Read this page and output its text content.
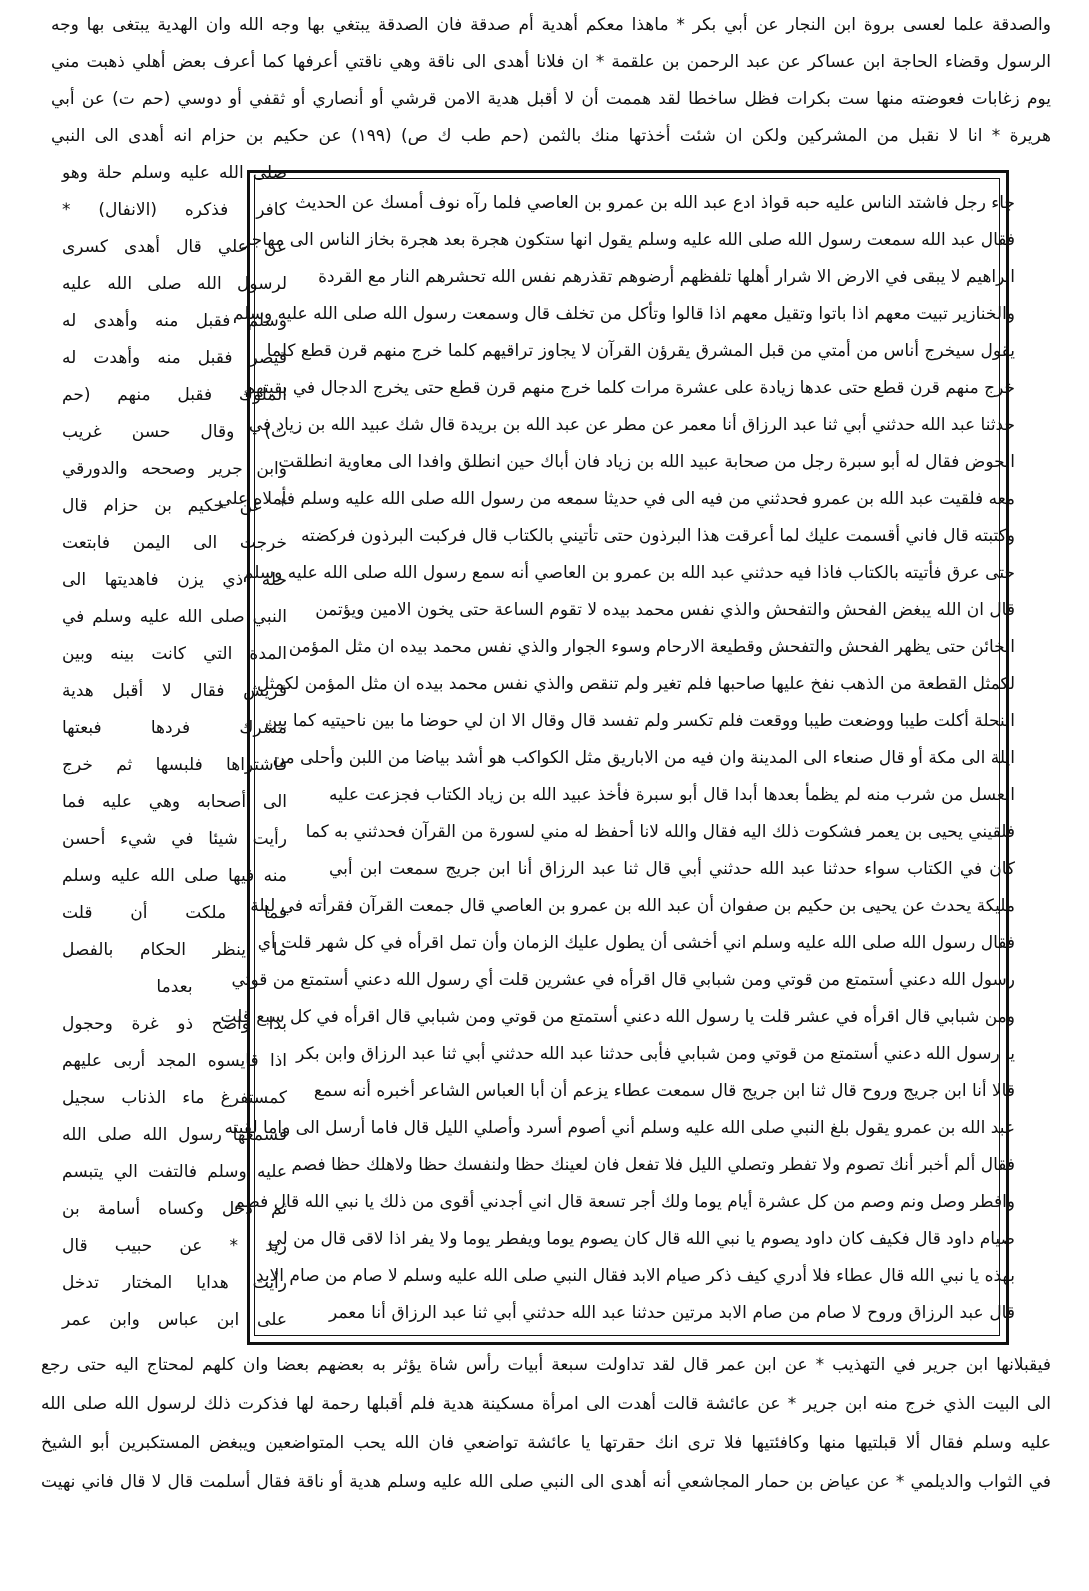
والصدقة علما لعسى بروة ابن النجار عن أبي بكر * ماهذا معكم أهدية أم صدقة فان الصدقة يبتغي بها وجه الله وان الهدية يبتغى بها وجه
الرسول وقضاء الحاجة ابن عساكر عن عبد الرحمن بن علقمة * ان فلانا أهدى الى ناقة وهي ناقتي أعرفها كما أعرف بعض أهلي ذهبت مني
يوم زغابات فعوضته منها ست بكرات فظل ساخطا لقد هممت أن لا أقبل هدية الامن قرشي أو أنصاري أو ثقفي أو دوسي (حم ت) عن أبي
هريرة * انا لا نقبل من المشركين ولكن ان شئت أخذتها منك بالثمن (حم طب ك ص) (١٩٩) عن حكيم بن حزام انه أهدى الى النبي
جاء رجل فاشتد الناس عليه حبه قواذ ادع عبد الله بن عمرو بن العاصي فلما رآه نوف أمسك عن الحديث
فقال عبد الله سمعت رسول الله صلى الله عليه وسلم يقول انها ستكون هجرة بعد هجرة بخاز الناس الى مهاجر
ابراهيم لا يبقى في الارض الا شرار أهلها تلفظهم أرضوهم تقذرهم نفس الله تحشرهم النار مع القردة
والخنازير تبيت معهم اذا باتوا وتقيل معهم اذا قالوا وتأكل من تخلف قال وسمعت رسول الله صلى الله عليه وسلم
يقول سيخرج أناس من أمتي من قبل المشرق يقرؤن القرآن لا يجاوز تراقيهم كلما خرج منهم قرن قطع كلما
خرج منهم قرن قطع حتى عدها زيادة على عشرة مرات كلما خرج منهم قرن قطع حتى يخرج الدجال في بقيتهم
حدثنا عبد الله حدثني أبي ثنا عبد الرزاق أنا معمر عن مطر عن عبد الله بن بريدة قال شك عبيد الله بن زياد في
الحوض فقال له أبو سبرة رجل من صحابة عبيد الله بن زياد فان أباك حين انطلق وافدا الى معاوية انطلقت
معه فلقيت عبد الله بن عمرو فحدثني من فيه الى في حديثا سمعه من رسول الله صلى الله عليه وسلم فأملاه علي
وكتبته قال فاني أقسمت عليك لما أعرقت هذا البرذون حتى تأتيني بالكتاب قال فركبت البرذون فركضته
حتى عرق فأتيته بالكتاب فاذا فيه حدثني عبد الله بن عمرو بن العاصي أنه سمع رسول الله صلى الله عليه وسلم
قال ان الله يبغض الفحش والتفحش والذي نفس محمد بيده لا تقوم الساعة حتى يخون الامين ويؤتمن
الخائن حتى يظهر الفحش والتفحش وقطيعة الارحام وسوء الجوار والذي نفس محمد بيده ان مثل المؤمن
لكمثل القطعة من الذهب نفخ عليها صاحبها فلم تغير ولم تنقص والذي نفس محمد بيده ان مثل المؤمن لكمثل
النحلة أكلت طيبا ووضعت طيبا ووقعت فلم تكسر ولم تفسد قال وقال الا ان لي حوضا ما بين ناحيتيه كما بين
ايلة الى مكة أو قال صنعاء الى المدينة وان فيه من الاباريق مثل الكواكب هو أشد بياضا من اللبن وأحلى من
العسل من شرب منه لم يظمأ بعدها أبدا قال أبو سبرة فأخذ عبيد الله بن زياد الكتاب فجزعت عليه
فلقيني يحيى بن يعمر فشكوت ذلك اليه فقال والله لانا أحفظ له مني لسورة من القرآن فحدثني به كما
كان في الكتاب سواء حدثنا عبد الله حدثني أبي قال ثنا عبد الرزاق أنا ابن جريج سمعت ابن أبي
مليكة يحدث عن يحيى بن حكيم بن صفوان أن عبد الله بن عمرو بن العاصي قال جمعت القرآن فقرأته في ليلة
فقال رسول الله صلى الله عليه وسلم اني أخشى أن يطول عليك الزمان وأن تمل اقرأه في كل شهر قلت أي
رسول الله دعني أستمتع من قوتي ومن شبابي قال اقرأه في عشرين قلت أي رسول الله دعني أستمتع من قوتي
ومن شبابي قال اقرأه في عشر قلت يا رسول الله دعني أستمتع من قوتي ومن شبابي قال اقرأه في كل سبع قلت
يا رسول الله دعني أستمتع من قوتي ومن شبابي فأبى حدثنا عبد الله حدثني أبي ثنا عبد الرزاق وابن بكر
قالا أنا ابن جريج وروح قال ثنا ابن جريج قال سمعت عطاء يزعم أن أبا العباس الشاعر أخبره أنه سمع
عبد الله بن عمرو يقول بلغ النبي صلى الله عليه وسلم أني أصوم أسرد وأصلي الليل قال فاما أرسل الى واما لقيته
فقال ألم أخبر أنك تصوم ولا تفطر وتصلي الليل فلا تفعل فان لعينك حظا ولنفسك حظا ولاهلك حظا فصم
وافطر وصل ونم وصم من كل عشرة أيام يوما ولك أجر تسعة قال اني أجدني أقوى من ذلك يا نبي الله قال فصم
صيام داود قال فكيف كان داود يصوم يا نبي الله قال كان يصوم يوما ويفطر يوما ولا يفر اذا لاقى قال من لي
بهذه يا نبي الله قال عطاء فلا أدري كيف ذكر صيام الابد فقال النبي صلى الله عليه وسلم لا صام من صام الابد
قال عبد الرزاق وروح لا صام من صام الابد مرتين حدثنا عبد الله حدثني أبي ثنا عبد الرزاق أنا معمر
صلى الله عليه وسلم حلة وهو
كافر فذكره (الانفال) *
عن علي قال أهدى كسرى
لرسول الله صلى الله عليه
وسلم فقبل منه وأهدى له
قيصر فقبل منه وأهدت له
الملوك فقبل منهم (حم
ت) وقال حسن غريب
وابن جرير وصححه والدورقي
* عن حكيم بن حزام قال
خرجت الى اليمن فابتعت
حلة ذي يزن فاهديتها الى
النبي صلى الله عليه وسلم في
المدة التي كانت بينه وبين
قريش فقال لا أقبل هدية
مشرك فردها فبعتها
فاشتراها فلبسها ثم خرج
الى أصحابه وهي عليه فما
رأيت شيئا في شيء أحسن
منه فيها صلى الله عليه وسلم
فما ملكت أن قلت
ما ينظر الحكام بالفصل
بعدما
بدا واضح ذو غرة وحجول
اذا قايسوه المجد أربى عليهم
كمستفرغ ماء الذناب سجيل
فسمعها رسول الله صلى الله
عليه وسلم فالتفت الي يتبسم
ثم دخل وكساه أسامة بن
زيد * عن حبيب قال
رأيت هدايا المختار تدخل
على ابن عباس وابن عمر
فيقبلانها ابن جرير في التهذيب * عن ابن عمر قال لقد تداولت سبعة أبيات رأس شاة يؤثر به بعضهم بعضا وان كلهم لمحتاج اليه حتى رجع
الى البيت الذي خرج منه ابن جرير * عن عائشة قالت أهدت الى امرأة مسكينة هدية فلم أقبلها رحمة لها فذكرت ذلك لرسول الله صلى الله
عليه وسلم فقال ألا قبلتيها منها وكافئتيها فلا ترى انك حقرتها يا عائشة تواضعي فان الله يحب المتواضعين ويبغض المستكبرين أبو الشيخ
في الثواب والديلمي * عن عياض بن حمار المجاشعي أنه أهدى الى النبي صلى الله عليه وسلم هدية أو ناقة فقال أسلمت قال لا قال فاني نهيت
